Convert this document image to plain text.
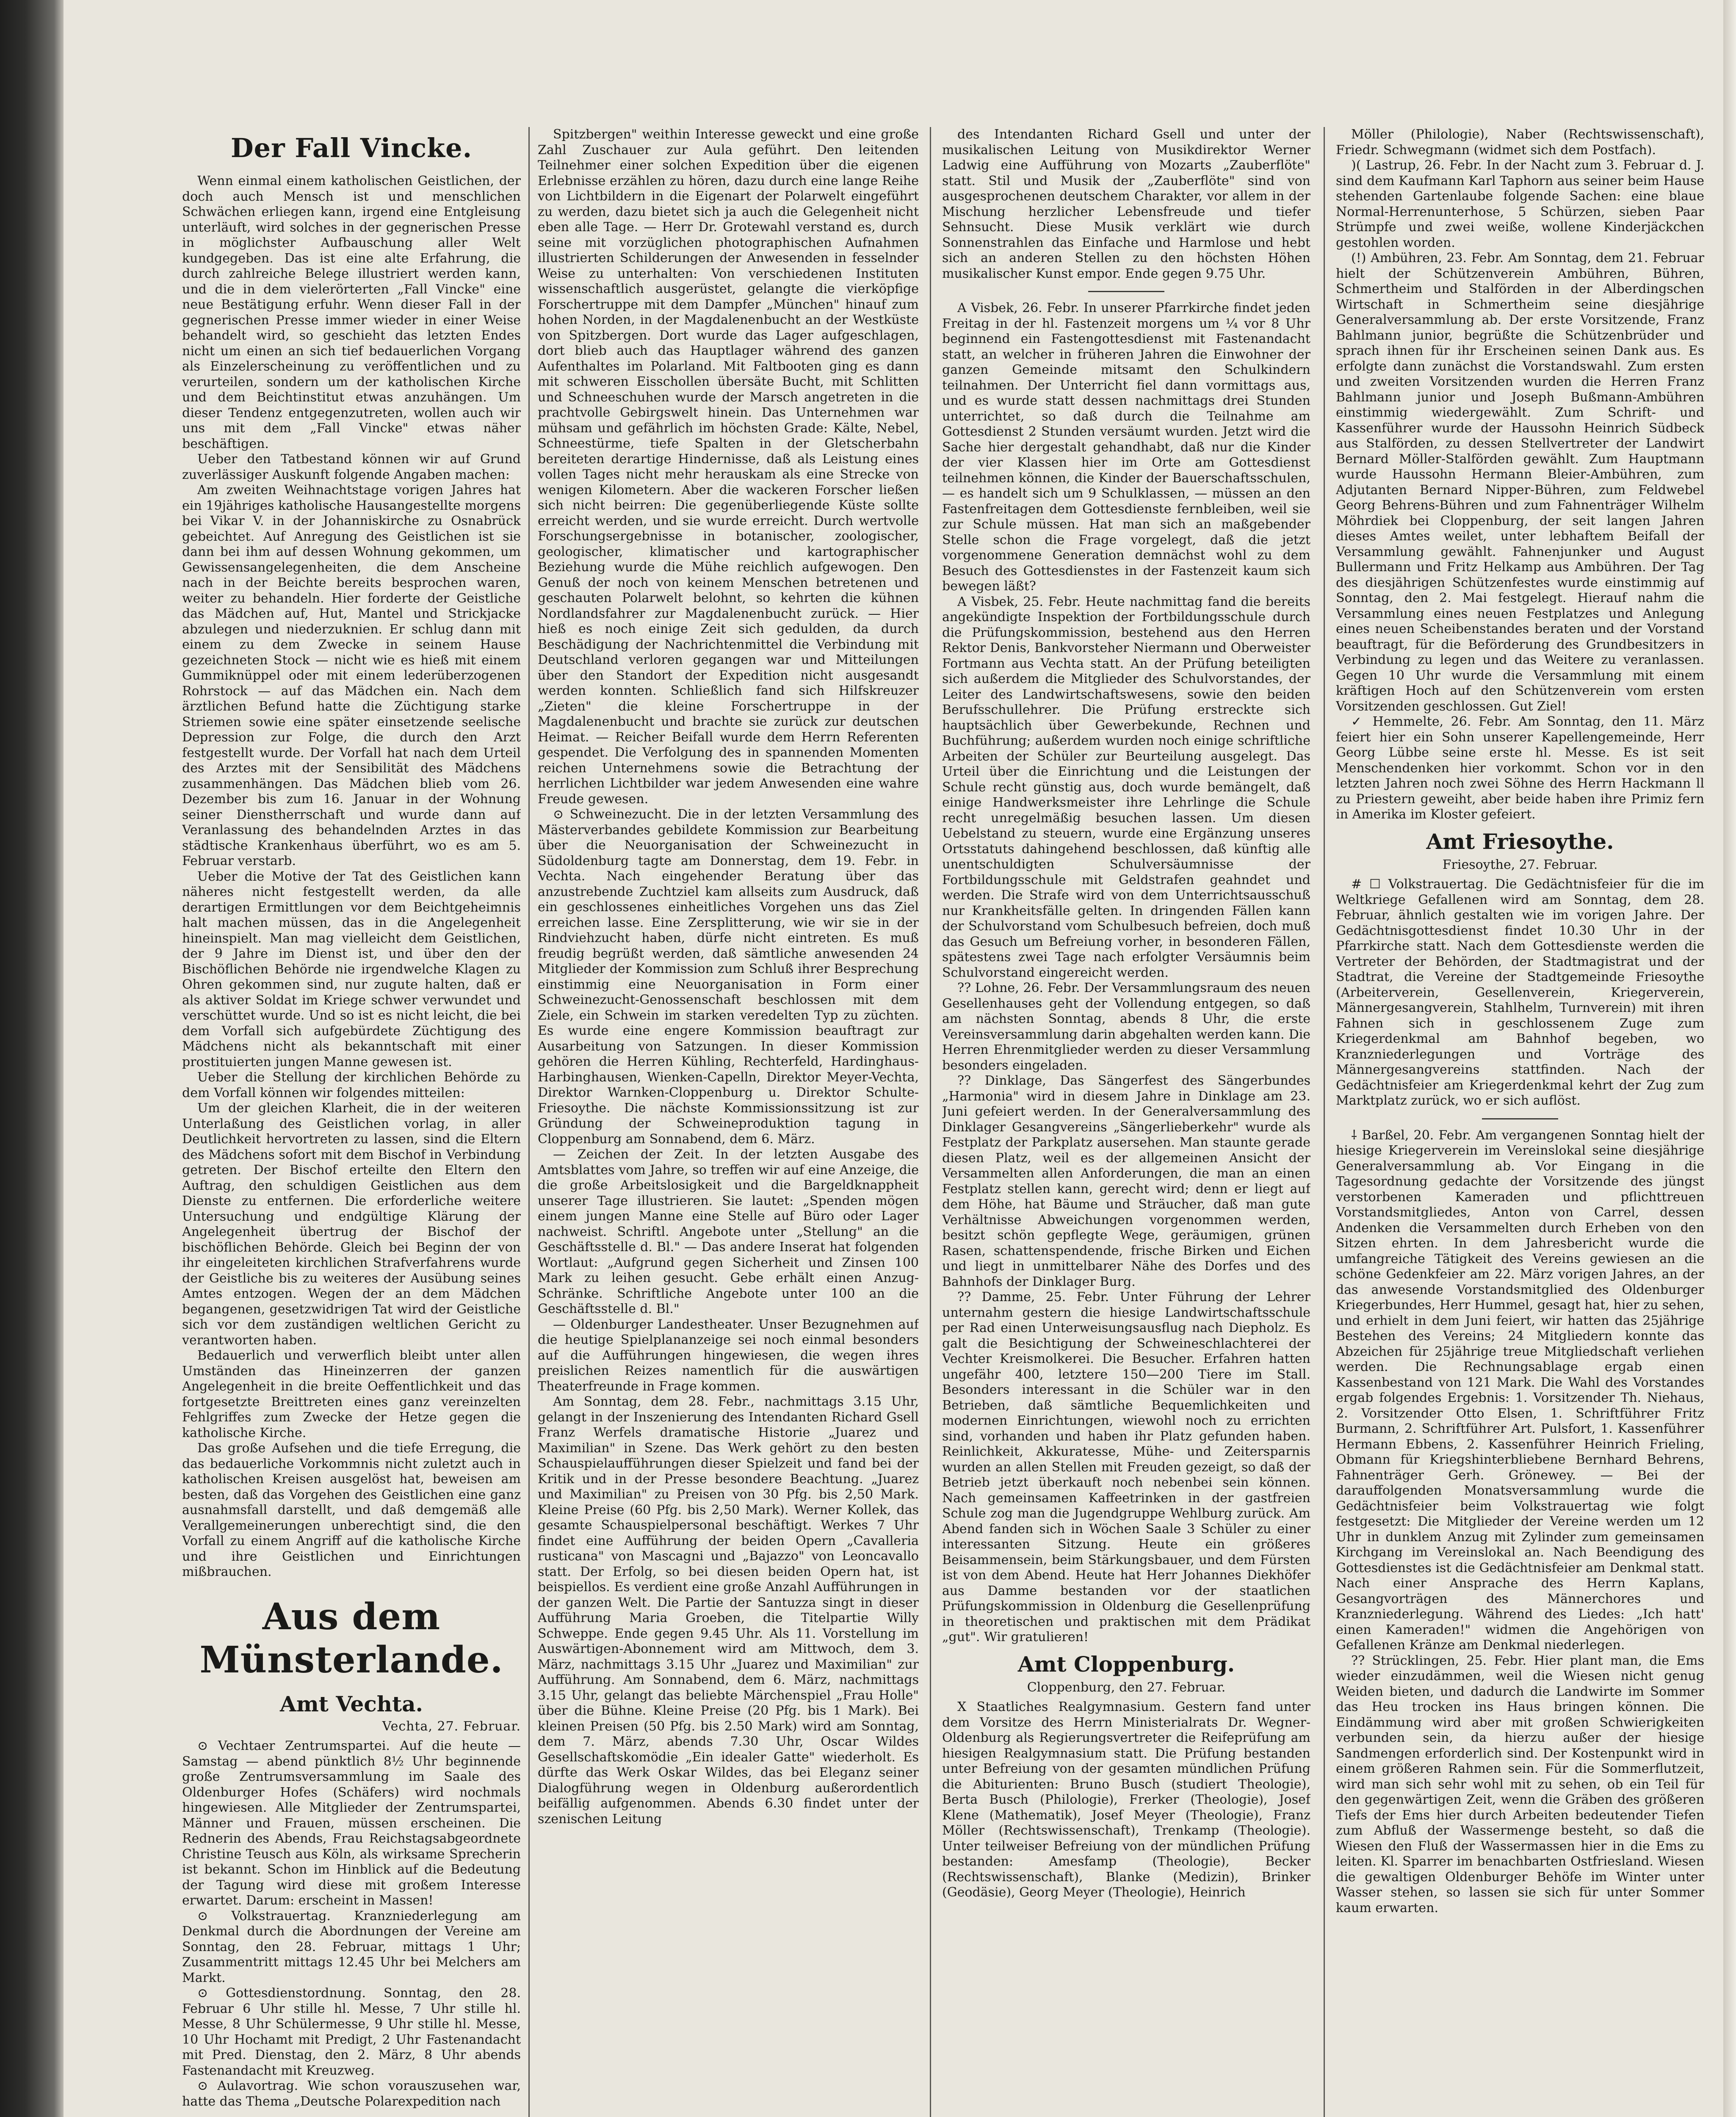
Der Fall Vincke.

Wenn einmal einem katholischen Geistlichen, der doch auch Mensch ist und menschlichen Schwächen erliegen kann, irgend eine Entgleisung unterläuft, wird solches in der gegnerischen Presse in möglichster Aufbauschung aller Welt kundgegeben. Das ist eine alte Erfahrung, die durch zahlreiche Belege illustriert werden kann, und die in dem vielerörterten „Fall Vincke" eine neue Bestätigung erfuhr. Wenn dieser Fall in der gegnerischen Presse immer wieder in einer Weise behandelt wird, so geschieht das letzten Endes nicht um einen an sich tief bedauerlichen Vorgang als Einzelerscheinung zu veröffentlichen und zu verurteilen, sondern um der katholischen Kirche und dem Beichtinstitut etwas anzuhängen. Um dieser Tendenz entgegenzutreten, wollen auch wir uns mit dem „Fall Vincke" etwas näher beschäftigen.

Ueber den Tatbestand können wir auf Grund zuverlässiger Auskunft folgende Angaben machen:

Am zweiten Weihnachtstage vorigen Jahres hat ein 19jähriges katholische Hausangestellte morgens bei Vikar V. in der Johanniskirche zu Osnabrück gebeichtet. Auf Anregung des Geistlichen ist sie dann bei ihm auf dessen Wohnung gekommen, um Gewissensangelegenheiten, die dem Anscheine nach in der Beichte bereits besprochen waren, weiter zu behandeln. Hier forderte der Geistliche das Mädchen auf, Hut, Mantel und Strickjacke abzulegen und niederzuknien. Er schlug dann mit einem zu dem Zwecke in seinem Hause gezeichneten Stock — nicht wie es hieß mit einem Gummiknüppel oder mit einem lederüberzogenen Rohrstock — auf das Mädchen ein. Nach dem ärztlichen Befund hatte die Züchtigung starke Striemen sowie eine später einsetzende seelische Depression zur Folge, die durch den Arzt festgestellt wurde. Der Vorfall hat nach dem Urteil des Arztes mit der Sensibilität des Mädchens zusammenhängen. Das Mädchen blieb vom 26. Dezember bis zum 16. Januar in der Wohnung seiner Dienstherrschaft und wurde dann auf Veranlassung des behandelnden Arztes in das städtische Krankenhaus überführt, wo es am 5. Februar verstarb.

Ueber die Motive der Tat des Geistlichen kann näheres nicht festgestellt werden, da alle derartigen Ermittlungen vor dem Beichtgeheimnis halt machen müssen, das in die Angelegenheit hineinspielt. Man mag vielleicht dem Geistlichen, der 9 Jahre im Dienst ist, und über den der Bischöflichen Behörde nie irgendwelche Klagen zu Ohren gekommen sind, nur zugute halten, daß er als aktiver Soldat im Kriege schwer verwundet und verschüttet wurde. Und so ist es nicht leicht, die bei dem Vorfall sich aufgebürdete Züchtigung des Mädchens nicht als bekanntschaft mit einer prostituierten jungen Manne gewesen ist.

Ueber die Stellung der kirchlichen Behörde zu dem Vorfall können wir folgendes mitteilen:

Um der gleichen Klarheit, die in der weiteren Unterlaßung des Geistlichen vorlag, in aller Deutlichkeit hervortreten zu lassen, sind die Eltern des Mädchens sofort mit dem Bischof in Verbindung getreten. Der Bischof erteilte den Eltern den Auftrag, den schuldigen Geistlichen aus dem Dienste zu entfernen. Die erforderliche weitere Untersuchung und endgültige Klärung der Angelegenheit übertrug der Bischof der bischöflichen Behörde. Gleich bei Beginn der von ihr eingeleiteten kirchlichen Strafverfahrens wurde der Geistliche bis zu weiteres der Ausübung seines Amtes entzogen. Wegen der an dem Mädchen begangenen, gesetzwidrigen Tat wird der Geistliche sich vor dem zuständigen weltlichen Gericht zu verantworten haben.

Bedauerlich und verwerflich bleibt unter allen Umständen das Hineinzerren der ganzen Angelegenheit in die breite Oeffentlichkeit und das fortgesetzte Breittreten eines ganz vereinzelten Fehlgriffes zum Zwecke der Hetze gegen die katholische Kirche.

Das große Aufsehen und die tiefe Erregung, die das bedauerliche Vorkommnis nicht zuletzt auch in katholischen Kreisen ausgelöst hat, beweisen am besten, daß das Vorgehen des Geistlichen eine ganz ausnahmsfall darstellt, und daß demgemäß alle Verallgemeinerungen unberechtigt sind, die den Vorfall zu einem Angriff auf die katholische Kirche und ihre Geistlichen und Einrichtungen mißbrauchen.

Aus dem Münsterlande.
Amt Vechta.
Vechta, 27. Februar.

⊙ Vechtaer Zentrumspartei. Auf die heute — Samstag — abend pünktlich 8½ Uhr beginnende große Zentrumsversammlung im Saale des Oldenburger Hofes (Schäfers) wird nochmals hingewiesen. Alle Mitglieder der Zentrumspartei, Männer und Frauen, müssen erscheinen. Die Rednerin des Abends, Frau Reichstagsabgeordnete Christine Teusch aus Köln, als wirksame Sprecherin ist bekannt. Schon im Hinblick auf die Bedeutung der Tagung wird diese mit großem Interesse erwartet. Darum: erscheint in Massen!

⊙ Volkstrauertag. Kranzniederlegung am Denkmal durch die Abordnungen der Vereine am Sonntag, den 28. Februar, mittags 1 Uhr; Zusammentritt mittags 12.45 Uhr bei Melchers am Markt.

⊙ Gottesdienstordnung. Sonntag, den 28. Februar 6 Uhr stille hl. Messe, 7 Uhr stille hl. Messe, 8 Uhr Schülermesse, 9 Uhr stille hl. Messe, 10 Uhr Hochamt mit Predigt, 2 Uhr Fastenandacht mit Pred. Dienstag, den 2. März, 8 Uhr abends Fastenandacht mit Kreuzweg.

⊙ Aulavortrag. Wie schon vorauszusehen war, hatte das Thema „Deutsche Polarexpedition nach

Spitzbergen" weithin Interesse geweckt und eine große Zahl Zuschauer zur Aula geführt. Den leitenden Teilnehmer einer solchen Expedition über die eigenen Erlebnisse erzählen zu hören, dazu durch eine lange Reihe von Lichtbildern in die Eigenart der Polarwelt eingeführt zu werden, dazu bietet sich ja auch die Gelegenheit nicht eben alle Tage. — Herr Dr. Grotewahl verstand es, durch seine mit vorzüglichen photographischen Aufnahmen illustrierten Schilderungen der Anwesenden in fesselnder Weise zu unterhalten: Von verschiedenen Instituten wissenschaftlich ausgerüstet, gelangte die vierköpfige Forschertruppe mit dem Dampfer „München" hinauf zum hohen Norden, in der Magdalenenbucht an der Westküste von Spitzbergen. Dort wurde das Lager aufgeschlagen, dort blieb auch das Hauptlager während des ganzen Aufenthaltes im Polarland. Mit Faltbooten ging es dann mit schweren Eisschollen übersäte Bucht, mit Schlitten und Schneeschuhen wurde der Marsch angetreten in die prachtvolle Gebirgswelt hinein. Das Unternehmen war mühsam und gefährlich im höchsten Grade: Kälte, Nebel, Schneestürme, tiefe Spalten in der Gletscherbahn bereiteten derartige Hindernisse, daß als Leistung eines vollen Tages nicht mehr herauskam als eine Strecke von wenigen Kilometern. Aber die wackeren Forscher ließen sich nicht beirren: Die gegenüberliegende Küste sollte erreicht werden, und sie wurde erreicht. Durch wertvolle Forschungsergebnisse in botanischer, zoologischer, geologischer, klimatischer und kartographischer Beziehung wurde die Mühe reichlich aufgewogen. Den Genuß der noch von keinem Menschen betretenen und geschauten Polarwelt belohnt, so kehrten die kühnen Nordlandsfahrer zur Magdalenenbucht zurück. — Hier hieß es noch einige Zeit sich gedulden, da durch Beschädigung der Nachrichtenmittel die Verbindung mit Deutschland verloren gegangen war und Mitteilungen über den Standort der Expedition nicht ausgesandt werden konnten. Schließlich fand sich Hilfskreuzer „Zieten" die kleine Forschertruppe in der Magdalenenbucht und brachte sie zurück zur deutschen Heimat. — Reicher Beifall wurde dem Herrn Referenten gespendet. Die Verfolgung des in spannenden Momenten reichen Unternehmens sowie die Betrachtung der herrlichen Lichtbilder war jedem Anwesenden eine wahre Freude gewesen.

⊙ Schweinezucht. Die in der letzten Versammlung des Mästerverbandes gebildete Kommission zur Bearbeitung über die Neuorganisation der Schweinezucht in Südoldenburg tagte am Donnerstag, dem 19. Febr. in Vechta. Nach eingehender Beratung über das anzustrebende Zuchtziel kam allseits zum Ausdruck, daß ein geschlossenes einheitliches Vorgehen uns das Ziel erreichen lasse. Eine Zersplitterung, wie wir sie in der Rindviehzucht haben, dürfe nicht eintreten. Es muß freudig begrüßt werden, daß sämtliche anwesenden 24 Mitglieder der Kommission zum Schluß ihrer Besprechung einstimmig eine Neuorganisation in Form einer Schweinezucht-Genossenschaft beschlossen mit dem Ziele, ein Schwein im starken veredelten Typ zu züchten. Es wurde eine engere Kommission beauftragt zur Ausarbeitung von Satzungen. In dieser Kommission gehören die Herren Kühling, Rechterfeld, Hardinghaus-Harbinghausen, Wienken-Capelln, Direktor Meyer-Vechta, Direktor Warnken-Cloppenburg u. Direktor Schulte-Friesoythe. Die nächste Kommissionssitzung ist zur Gründung der Schweineproduktion tagung in Cloppenburg am Sonnabend, dem 6. März.

— Zeichen der Zeit. In der letzten Ausgabe des Amtsblattes vom Jahre, so treffen wir auf eine Anzeige, die die große Arbeitslosigkeit und die Bargeldknappheit unserer Tage illustrieren. Sie lautet: „Spenden mögen einem jungen Manne eine Stelle auf Büro oder Lager nachweist. Schriftl. Angebote unter „Stellung" an die Geschäftsstelle d. Bl." — Das andere Inserat hat folgenden Wortlaut: „Aufgrund gegen Sicherheit und Zinsen 100 Mark zu leihen gesucht. Gebe erhält einen Anzug-Schränke. Schriftliche Angebote unter 100 an die Geschäftsstelle d. Bl."

— Oldenburger Landestheater. Unser Bezugnehmen auf die heutige Spielplananzeige sei noch einmal besonders auf die Aufführungen hingewiesen, die wegen ihres preislichen Reizes namentlich für die auswärtigen Theaterfreunde in Frage kommen.

Am Sonntag, dem 28. Febr., nachmittags 3.15 Uhr, gelangt in der Inszenierung des Intendanten Richard Gsell Franz Werfels dramatische Historie „Juarez und Maximilian" in Szene. Das Werk gehört zu den besten Schauspielaufführungen dieser Spielzeit und fand bei der Kritik und in der Presse besondere Beachtung. „Juarez und Maximilian" zu Preisen von 30 Pfg. bis 2,50 Mark. Kleine Preise (60 Pfg. bis 2,50 Mark). Werner Kollek, das gesamte Schauspielpersonal beschäftigt. Werkes 7 Uhr findet eine Aufführung der beiden Opern „Cavalleria rusticana" von Mascagni und „Bajazzo" von Leoncavallo statt. Der Erfolg, so bei diesen beiden Opern hat, ist beispiellos. Es verdient eine große Anzahl Aufführungen in der ganzen Welt. Die Partie der Santuzza singt in dieser Aufführung Maria Groeben, die Titelpartie Willy Schweppe. Ende gegen 9.45 Uhr. Als 11. Vorstellung im Auswärtigen-Abonnement wird am Mittwoch, dem 3. März, nachmittags 3.15 Uhr „Juarez und Maximilian" zur Aufführung. Am Sonnabend, dem 6. März, nachmittags 3.15 Uhr, gelangt das beliebte Märchenspiel „Frau Holle" über die Bühne. Kleine Preise (20 Pfg. bis 1 Mark). Bei kleinen Preisen (50 Pfg. bis 2.50 Mark) wird am Sonntag, dem 7. März, abends 7.30 Uhr, Oscar Wildes Gesellschaftskomödie „Ein idealer Gatte" wiederholt. Es dürfte das Werk Oskar Wildes, das bei Eleganz seiner Dialogführung wegen in Oldenburg außerordentlich beifällig aufgenommen. Abends 6.30 findet unter der szenischen Leitung

des Intendanten Richard Gsell und unter der musikalischen Leitung von Musikdirektor Werner Ladwig eine Aufführung von Mozarts „Zauberflöte" statt. Stil und Musik der „Zauberflöte" sind von ausgesprochenen deutschem Charakter, vor allem in der Mischung herzlicher Lebensfreude und tiefer Sehnsucht. Diese Musik verklärt wie durch Sonnenstrahlen das Einfache und Harmlose und hebt sich an anderen Stellen zu den höchsten Höhen musikalischer Kunst empor. Ende gegen 9.75 Uhr.

A Visbek, 26. Febr. In unserer Pfarrkirche findet jeden Freitag in der hl. Fastenzeit morgens um ¼ vor 8 Uhr beginnend ein Fastengottesdienst mit Fastenandacht statt, an welcher in früheren Jahren die Einwohner der ganzen Gemeinde mitsamt den Schulkindern teilnahmen. Der Unterricht fiel dann vormittags aus, und es wurde statt dessen nachmittags drei Stunden unterrichtet, so daß durch die Teilnahme am Gottesdienst 2 Stunden versäumt wurden. Jetzt wird die Sache hier dergestalt gehandhabt, daß nur die Kinder der vier Klassen hier im Orte am Gottesdienst teilnehmen können, die Kinder der Bauerschaftsschulen, — es handelt sich um 9 Schulklassen, — müssen an den Fastenfreitagen dem Gottesdienste fernbleiben, weil sie zur Schule müssen. Hat man sich an maßgebender Stelle schon die Frage vorgelegt, daß die jetzt vorgenommene Generation demnächst wohl zu dem Besuch des Gottesdienstes in der Fastenzeit kaum sich bewegen läßt?

A Visbek, 25. Febr. Heute nachmittag fand die bereits angekündigte Inspektion der Fortbildungsschule durch die Prüfungskommission, bestehend aus den Herren Rektor Denis, Bankvorsteher Niermann und Oberweister Fortmann aus Vechta statt. An der Prüfung beteiligten sich außerdem die Mitglieder des Schulvorstandes, der Leiter des Landwirtschaftswesens, sowie den beiden Berufsschullehrer. Die Prüfung erstreckte sich hauptsächlich über Gewerbekunde, Rechnen und Buchführung; außerdem wurden noch einige schriftliche Arbeiten der Schüler zur Beurteilung ausgelegt. Das Urteil über die Einrichtung und die Leistungen der Schule recht günstig aus, doch wurde bemängelt, daß einige Handwerksmeister ihre Lehrlinge die Schule recht unregelmäßig besuchen lassen. Um diesen Uebelstand zu steuern, wurde eine Ergänzung unseres Ortsstatuts dahingehend beschlossen, daß künftig alle unentschuldigten Schulversäumnisse der Fortbildungsschule mit Geldstrafen geahndet und werden. Die Strafe wird von dem Unterrichtsausschuß nur Krankheitsfälle gelten. In dringenden Fällen kann der Schulvorstand vom Schulbesuch befreien, doch muß das Gesuch um Befreiung vorher, in besonderen Fällen, spätestens zwei Tage nach erfolgter Versäumnis beim Schulvorstand eingereicht werden.

?? Lohne, 26. Febr. Der Versammlungsraum des neuen Gesellenhauses geht der Vollendung entgegen, so daß am nächsten Sonntag, abends 8 Uhr, die erste Vereinsversammlung darin abgehalten werden kann. Die Herren Ehrenmitglieder werden zu dieser Versammlung besonders eingeladen.

?? Dinklage, Das Sängerfest des Sängerbundes „Harmonia" wird in diesem Jahre in Dinklage am 23. Juni gefeiert werden. In der Generalversammlung des Dinklager Gesangvereins „Sängerlieberkehr" wurde als Festplatz der Parkplatz ausersehen. Man staunte gerade diesen Platz, weil es der allgemeinen Ansicht der Versammelten allen Anforderungen, die man an einen Festplatz stellen kann, gerecht wird; denn er liegt auf dem Höhe, hat Bäume und Sträucher, daß man gute Verhältnisse Abweichungen vorgenommen werden, besitzt schön gepflegte Wege, geräumigen, grünen Rasen, schattenspendende, frische Birken und Eichen und liegt in unmittelbarer Nähe des Dorfes und des Bahnhofs der Dinklager Burg.

?? Damme, 25. Febr. Unter Führung der Lehrer unternahm gestern die hiesige Landwirtschaftsschule per Rad einen Unterweisungsausflug nach Diepholz. Es galt die Besichtigung der Schweineschlachterei der Vechter Kreismolkerei. Die Besucher. Erfahren hatten ungefähr 400, letztere 150—200 Tiere im Stall. Besonders interessant in die Schüler war in den Betrieben, daß sämtliche Bequemlichkeiten und modernen Einrichtungen, wiewohl noch zu errichten sind, vorhanden und haben ihr Platz gefunden haben. Reinlichkeit, Akkuratesse, Mühe- und Zeitersparnis wurden an allen Stellen mit Freuden gezeigt, so daß der Betrieb jetzt überkauft noch nebenbei sein können. Nach gemeinsamen Kaffeetrinken in der gastfreien Schule zog man die Jugendgruppe Wehlburg zurück. Am Abend fanden sich in Wöchen Saale 3 Schüler zu einer interessanten Sitzung. Heute ein größeres Beisammensein, beim Stärkungsbauer, und dem Fürsten ist von dem Abend. Heute hat Herr Johannes Diekhöfer aus Damme bestanden vor der staatlichen Prüfungskommission in Oldenburg die Gesellenprüfung in theoretischen und praktischen mit dem Prädikat „gut". Wir gratulieren!

Amt Cloppenburg.
Cloppenburg, den 27. Februar.

X Staatliches Realgymnasium. Gestern fand unter dem Vorsitze des Herrn Ministerialrats Dr. Wegner-Oldenburg als Regierungsvertreter die Reifeprüfung am hiesigen Realgymnasium statt. Die Prüfung bestanden unter Befreiung von der gesamten mündlichen Prüfung die Abiturienten: Bruno Busch (studiert Theologie), Berta Busch (Philologie), Frerker (Theologie), Josef Klene (Mathematik), Josef Meyer (Theologie), Franz Möller (Rechtswissenschaft), Trenkamp (Theologie). Unter teilweiser Befreiung von der mündlichen Prüfung bestanden: Amesfamp (Theologie), Becker (Rechtswissenschaft), Blanke (Medizin), Brinker (Geodäsie), Georg Meyer (Theologie), Heinrich

Möller (Philologie), Naber (Rechtswissenschaft), Friedr. Schwegmann (widmet sich dem Postfach).

)( Lastrup, 26. Febr. In der Nacht zum 3. Februar d. J. sind dem Kaufmann Karl Taphorn aus seiner beim Hause stehenden Gartenlaube folgende Sachen: eine blaue Normal-Herrenunterhose, 5 Schürzen, sieben Paar Strümpfe und zwei weiße, wollene Kinderjäckchen gestohlen worden.

(!) Ambühren, 23. Febr. Am Sonntag, dem 21. Februar hielt der Schützenverein Ambühren, Bühren, Schmertheim und Stalförden in der Alberdingschen Wirtschaft in Schmertheim seine diesjährige Generalversammlung ab. Der erste Vorsitzende, Franz Bahlmann junior, begrüßte die Schützenbrüder und sprach ihnen für ihr Erscheinen seinen Dank aus. Es erfolgte dann zunächst die Vorstandswahl. Zum ersten und zweiten Vorsitzenden wurden die Herren Franz Bahlmann junior und Joseph Bußmann-Ambühren einstimmig wiedergewählt. Zum Schrift- und Kassenführer wurde der Haussohn Heinrich Südbeck aus Stalförden, zu dessen Stellvertreter der Landwirt Bernard Möller-Stalförden gewählt. Zum Hauptmann wurde Haussohn Hermann Bleier-Ambühren, zum Adjutanten Bernard Nipper-Bühren, zum Feldwebel Georg Behrens-Bühren und zum Fahnenträger Wilhelm Möhrdiek bei Cloppenburg, der seit langen Jahren dieses Amtes weilet, unter lebhaftem Beifall der Versammlung gewählt. Fahnenjunker und August Bullermann und Fritz Helkamp aus Ambühren. Der Tag des diesjährigen Schützenfestes wurde einstimmig auf Sonntag, den 2. Mai festgelegt. Hierauf nahm die Versammlung eines neuen Festplatzes und Anlegung eines neuen Scheibenstandes beraten und der Vorstand beauftragt, für die Beförderung des Grundbesitzers in Verbindung zu legen und das Weitere zu veranlassen. Gegen 10 Uhr wurde die Versammlung mit einem kräftigen Hoch auf den Schützenverein vom ersten Vorsitzenden geschlossen. Gut Ziel!

✓ Hemmelte, 26. Febr. Am Sonntag, den 11. März feiert hier ein Sohn unserer Kapellengemeinde, Herr Georg Lübbe seine erste hl. Messe. Es ist seit Menschendenken hier vorkommt. Schon vor in den letzten Jahren noch zwei Söhne des Herrn Hackmann ll zu Priestern geweiht, aber beide haben ihre Primiz fern in Amerika im Kloster gefeiert.

Amt Friesoythe.
Friesoythe, 27. Februar.

# ☐ Volkstrauertag. Die Gedächtnisfeier für die im Weltkriege Gefallenen wird am Sonntag, dem 28. Februar, ähnlich gestalten wie im vorigen Jahre. Der Gedächtnisgottesdienst findet 10.30 Uhr in der Pfarrkirche statt. Nach dem Gottesdienste werden die Vertreter der Behörden, der Stadtmagistrat und der Stadtrat, die Vereine der Stadtgemeinde Friesoythe (Arbeiterverein, Gesellenverein, Kriegerverein, Männergesangverein, Stahlhelm, Turnverein) mit ihren Fahnen sich in geschlossenem Zuge zum Kriegerdenkmal am Bahnhof begeben, wo Kranzniederlegungen und Vorträge des Männergesangvereins stattfinden. Nach der Gedächtnisfeier am Kriegerdenkmal kehrt der Zug zum Marktplatz zurück, wo er sich auflöst.

⸸ Barßel, 20. Febr. Am vergangenen Sonntag hielt der hiesige Kriegerverein im Vereinslokal seine diesjährige Generalversammlung ab. Vor Eingang in die Tagesordnung gedachte der Vorsitzende des jüngst verstorbenen Kameraden und pflichttreuen Vorstandsmitgliedes, Anton von Carrel, dessen Andenken die Versammelten durch Erheben von den Sitzen ehrten. In dem Jahresbericht wurde die umfangreiche Tätigkeit des Vereins gewiesen an die schöne Gedenkfeier am 22. März vorigen Jahres, an der das anwesende Vorstandsmitglied des Oldenburger Kriegerbundes, Herr Hummel, gesagt hat, hier zu sehen, und erhielt in dem Juni feiert, wir hatten das 25jährige Bestehen des Vereins; 24 Mitgliedern konnte das Abzeichen für 25jährige treue Mitgliedschaft verliehen werden. Die Rechnungsablage ergab einen Kassenbestand von 121 Mark. Die Wahl des Vorstandes ergab folgendes Ergebnis: 1. Vorsitzender Th. Niehaus, 2. Vorsitzender Otto Elsen, 1. Schriftführer Fritz Burmann, 2. Schriftführer Art. Pulsfort, 1. Kassenführer Hermann Ebbens, 2. Kassenführer Heinrich Frieling, Obmann für Kriegshinterbliebene Bernhard Behrens, Fahnenträger Gerh. Grönewey. — Bei der darauffolgenden Monatsversammlung wurde die Gedächtnisfeier beim Volkstrauertag wie folgt festgesetzt: Die Mitglieder der Vereine werden um 12 Uhr in dunklem Anzug mit Zylinder zum gemeinsamen Kirchgang im Vereinslokal an. Nach Beendigung des Gottesdienstes ist die Gedächtnisfeier am Denkmal statt. Nach einer Ansprache des Herrn Kaplans, Gesangvorträgen des Männerchores und Kranzniederlegung. Während des Liedes: „Ich hatt' einen Kameraden!" widmen die Angehörigen von Gefallenen Kränze am Denkmal niederlegen.

?? Strücklingen, 25. Febr. Hier plant man, die Ems wieder einzudämmen, weil die Wiesen nicht genug Weiden bieten, und dadurch die Landwirte im Sommer das Heu trocken ins Haus bringen können. Die Eindämmung wird aber mit großen Schwierigkeiten verbunden sein, da hierzu außer der hiesige Sandmengen erforderlich sind. Der Kostenpunkt wird in einem größeren Rahmen sein. Für die Sommerflutzeit, wird man sich sehr wohl mit zu sehen, ob ein Teil für den gegenwärtigen Zeit, wenn die Gräben des größeren Tiefs der Ems hier durch Arbeiten bedeutender Tiefen zum Abfluß der Wassermenge besteht, so daß die Wiesen den Fluß der Wassermassen hier in die Ems zu leiten. Kl. Sparrer im benachbarten Ostfriesland. Wiesen die gewaltigen Oldenburger Behöfe im Winter unter Wasser stehen, so lassen sie sich für unter Sommer kaum erwarten.
